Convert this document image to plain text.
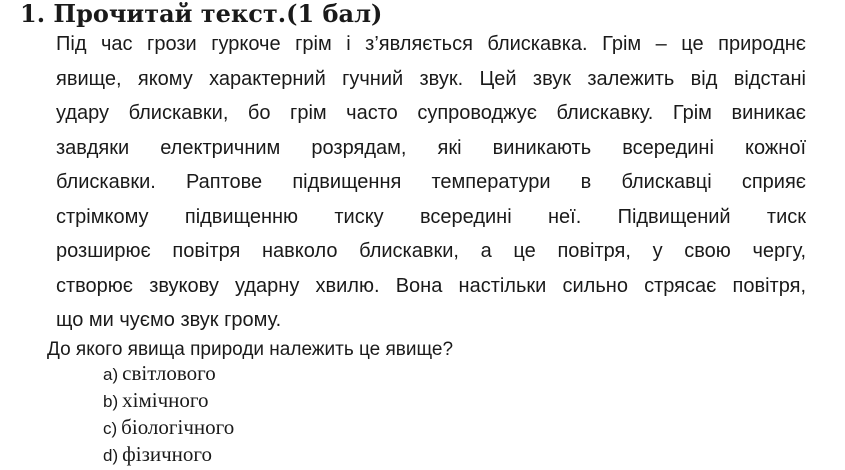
1. Прочитай текст.(1 бал)
Під час грози гуркоче грім і з’являється блискавка. Грім – це природнє
явище, якому характерний гучний звук. Цей звук залежить від відстані
удару блискавки, бо грім часто супроводжує блискавку. Грім виникає
завдяки електричним розрядам, які виникають всередині кожної
блискавки. Раптове підвищення температури в блискавці сприяє
стрімкому підвищенню тиску всередині неї. Підвищений тиск
розширює повітря навколо блискавки, а це повітря, у свою чергу,
створює звукову ударну хвилю. Вона настільки сильно стрясає повітря,
що ми чуємо звук грому.
До якого явища природи належить це явище?
a) світлового
b) хімічного
c) біологічного
d) фізичного
